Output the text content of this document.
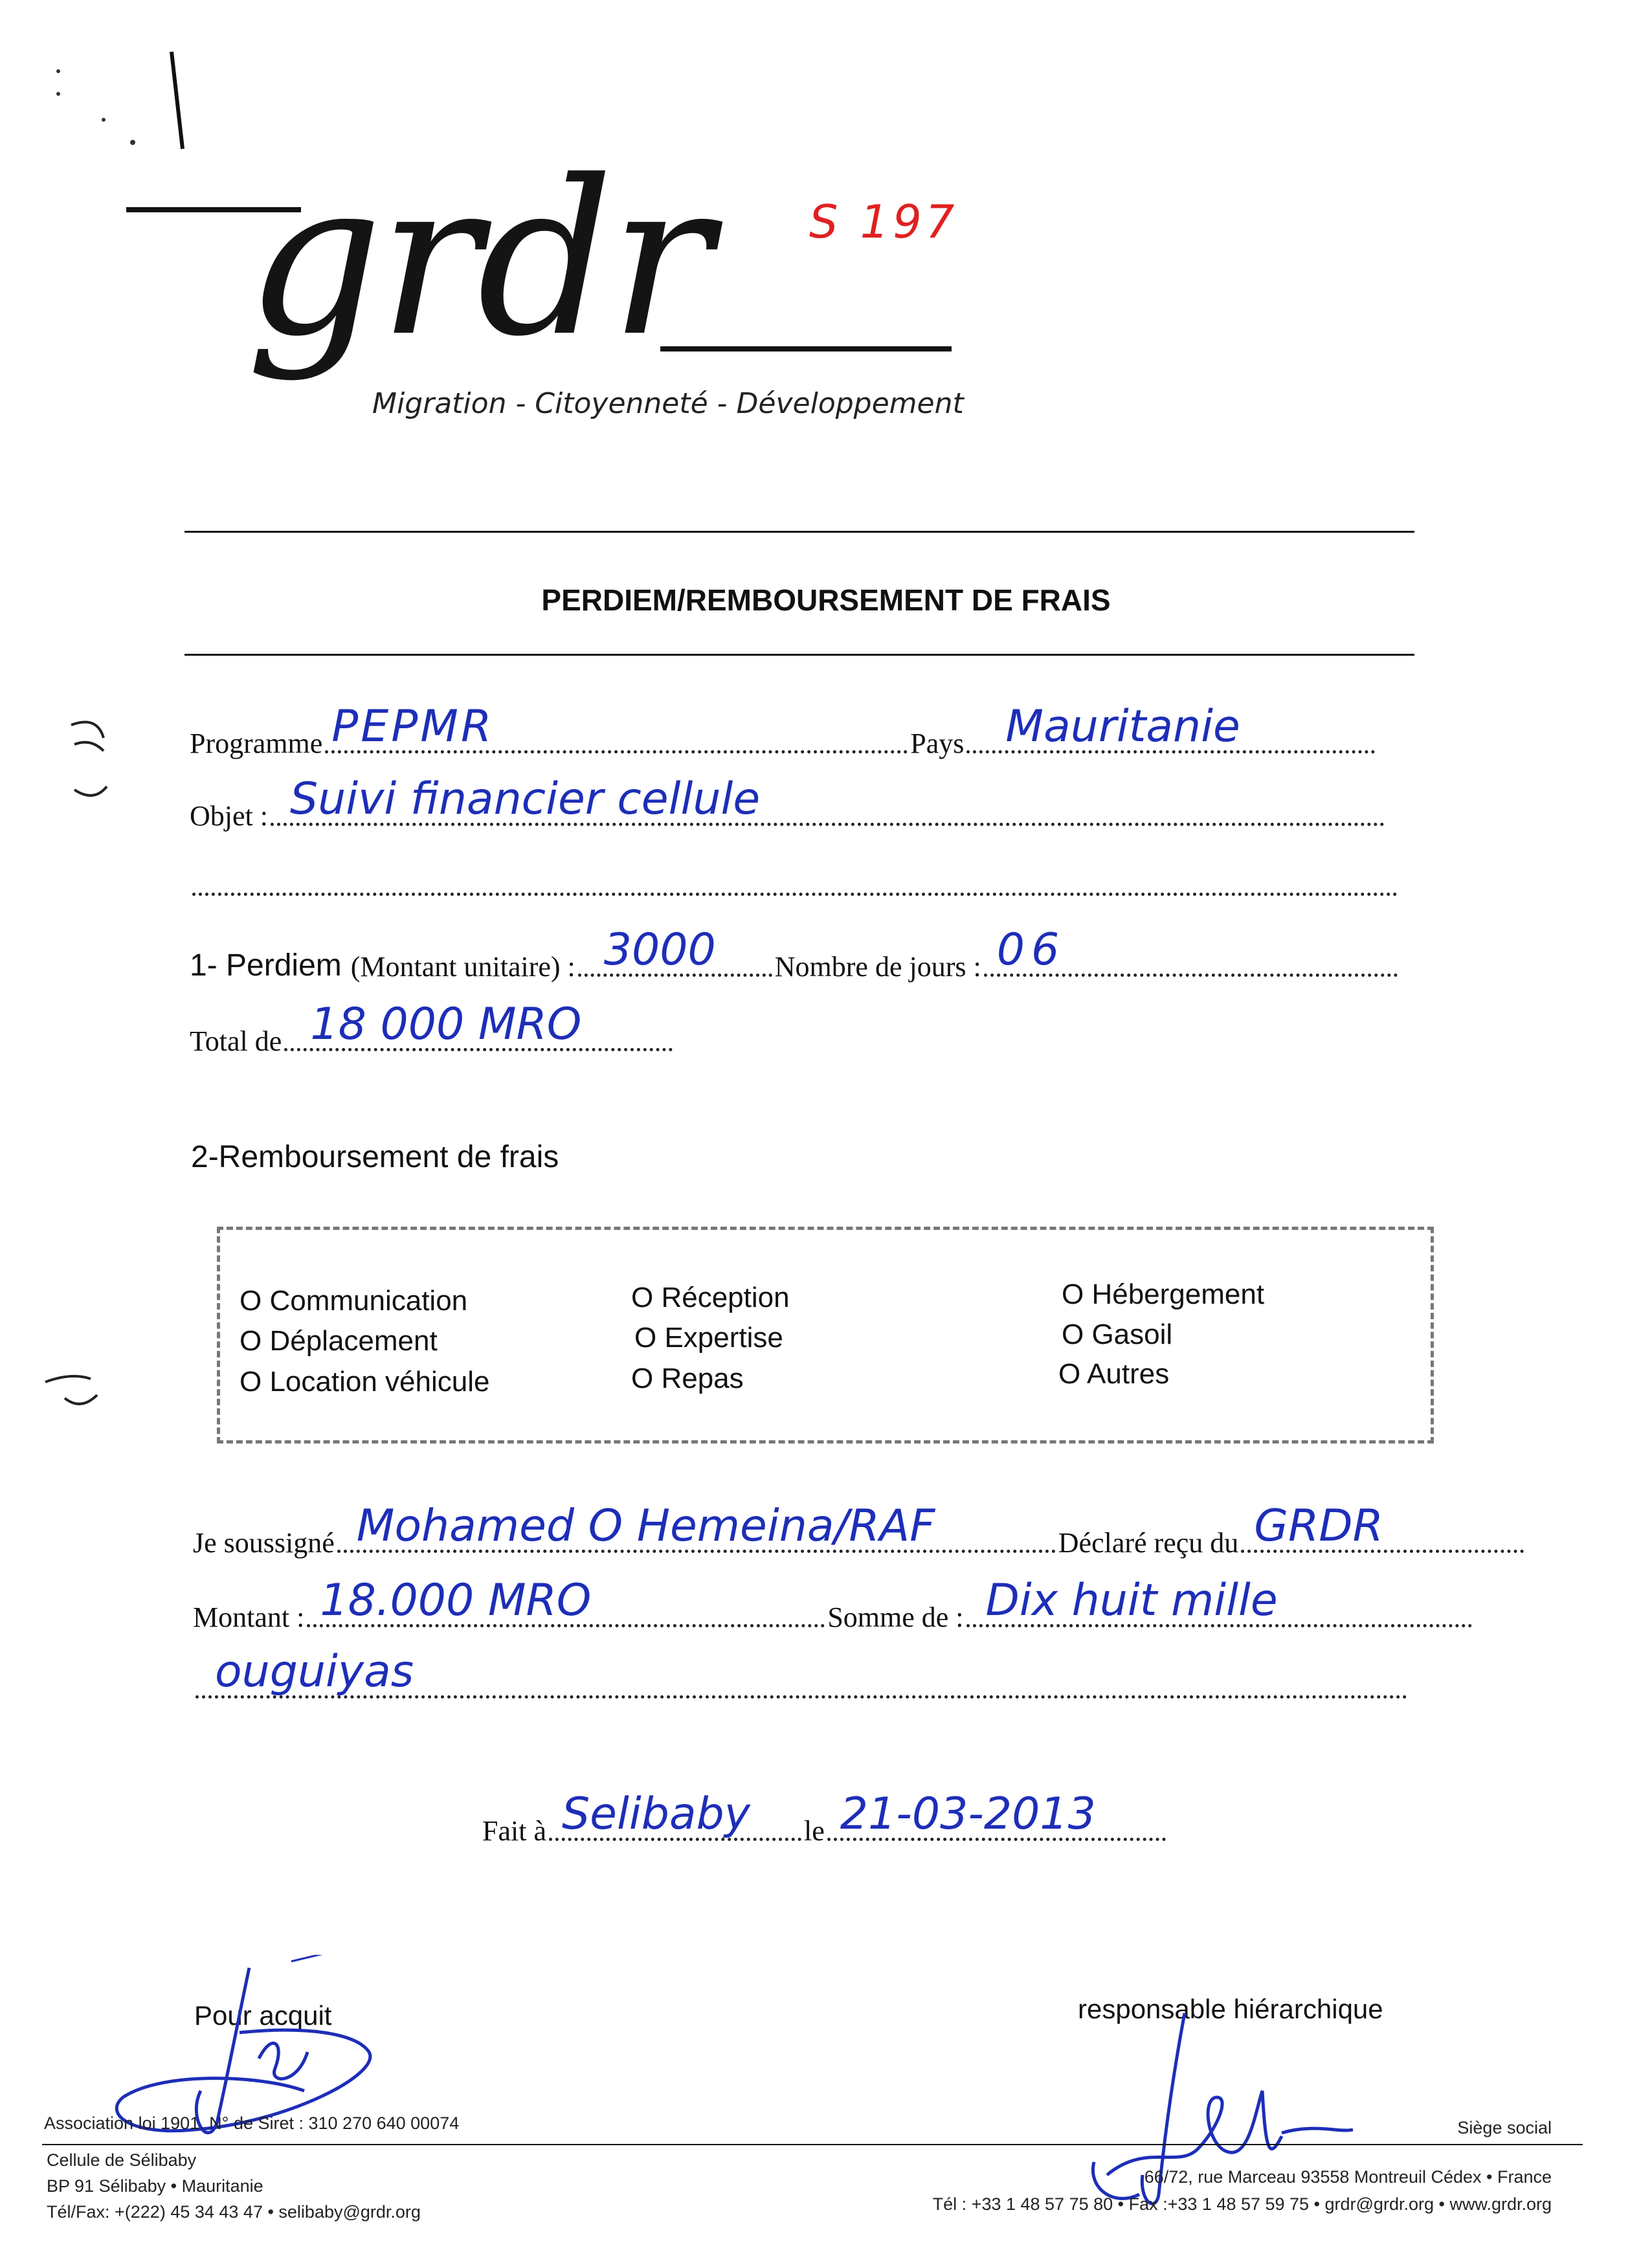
grdr
Migration - Citoyenneté - Développement
S 197
PERDIEM/REMBOURSEMENT DE FRAIS
Programme PEPMR	Pays Mauritanie
Objet : Suivi financier cellule
1- Perdiem (Montant unitaire) : 3000 Nombre de jours : 06
Total de 18 000 MRO
2-Remboursement de frais
O Communication	O Réception	O Hébergement
O Déplacement	O Expertise	O Gasoil
O Location véhicule	O Repas	O Autres
Je soussigné Mohamed O Hemeina/RAF	Déclaré reçu du GRDR
Montant : 18.000 MRO	Somme de : Dix huit mille
ouguiyas
Fait à Selibaby le 21-03-2013
Pour acquit	responsable hiérarchique
Association loi 1901. N° de Siret : 310 270 640 00074
Cellule de Sélibaby
BP 91 Sélibaby • Mauritanie
Tél/Fax: +(222) 45 34 43 47 • selibaby@grdr.org
Siège social
66/72, rue Marceau 93558 Montreuil Cédex • France
Tél : +33 1 48 57 75 80 • Fax :+33 1 48 57 59 75 • grdr@grdr.org • www.grdr.org
